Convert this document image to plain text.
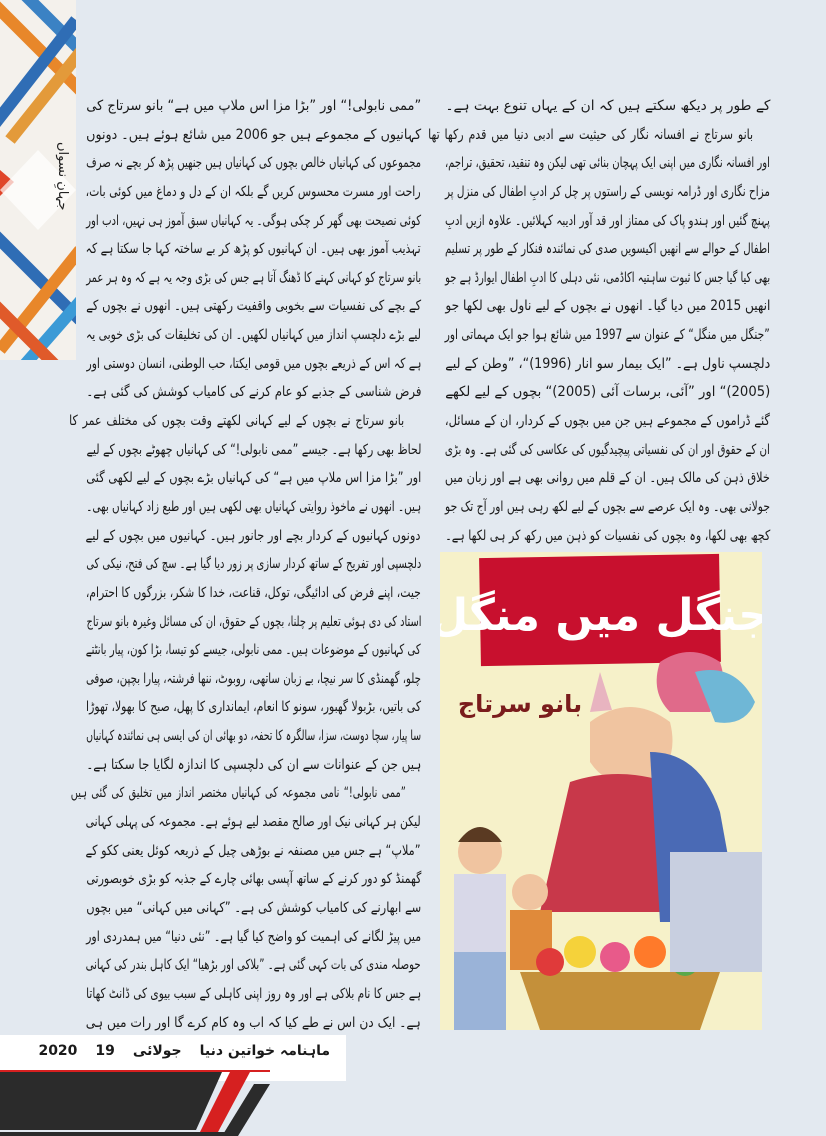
جہانِ نسواں
کے طور پر دیکھ سکتے ہیں کہ ان کے یہاں تنوع بہت ہے۔
بانو سرتاج نے افسانہ نگار کی حیثیت سے ادبی دنیا میں قدم رکھا تھا
اور افسانہ نگاری میں اپنی ایک پہچان بنائی تھی لیکن وہ تنقید، تحقیق، تراجم،
مزاح نگاری اور ڈرامہ نویسی کے راستوں پر چل کر ادبِ اطفال کی منزل پر
پہنچ گئیں اور ہندو پاک کی ممتاز اور قد آور ادیبہ کہلائیں۔ علاوہ ازیں ادبِ
اطفال کے حوالے سے انھیں اکیسویں صدی کی نمائندہ فنکار کے طور پر تسلیم
بھی کیا گیا جس کا ثبوت ساہتیہ اکاڈمی، نئی دہلی کا ادبِ اطفال ایوارڈ ہے جو
انھیں 2015 میں دیا گیا۔ انھوں نے بچوں کے لیے ناول بھی لکھا جو
”جنگل میں منگل“ کے عنوان سے 1997 میں شائع ہوا جو ایک مہماتی اور
دلچسپ ناول ہے۔ ”ایک بیمار سو انار (1996)“، ”وطن کے لیے
(2005)“ اور ”آئی، برسات آئی (2005)“ بچوں کے لیے لکھے
گئے ڈراموں کے مجموعے ہیں جن میں بچوں کے کردار، ان کے مسائل،
ان کے حقوق اور ان کی نفسیاتی پیچیدگیوں کی عکاسی کی گئی ہے۔ وہ بڑی
خلاق ذہن کی مالک ہیں۔ ان کے قلم میں روانی بھی ہے اور زبان میں
جولانی بھی۔ وہ ایک عرصے سے بچوں کے لیے لکھ رہی ہیں اور آج تک جو
کچھ بھی لکھا، وہ بچوں کی نفسیات کو ذہن میں رکھ کر ہی لکھا ہے۔
”ممی نابولی!“ اور ”بڑا مزا اس ملاپ میں ہے“ بانو سرتاج کی
کہانیوں کے مجموعے ہیں جو 2006 میں شائع ہوئے ہیں۔ دونوں
مجموعوں کی کہانیاں خالص بچوں کی کہانیاں ہیں جنھیں پڑھ کر بچے نہ صرف
راحت اور مسرت محسوس کریں گے بلکہ ان کے دل و دماغ میں کوئی بات،
کوئی نصیحت بھی گھر کر چکی ہوگی۔ یہ کہانیاں سبق آموز ہی نہیں، ادب اور
تہذیب آموز بھی ہیں۔ ان کہانیوں کو پڑھ کر بے ساختہ کہا جا سکتا ہے کہ
بانو سرتاج کو کہانی کہنے کا ڈھنگ آتا ہے جس کی بڑی وجہ یہ ہے کہ وہ ہر عمر
کے بچے کی نفسیات سے بخوبی واقفیت رکھتی ہیں۔ انھوں نے بچوں کے
لیے بڑے دلچسپ انداز میں کہانیاں لکھیں۔ ان کی تخلیقات کی بڑی خوبی یہ
ہے کہ اس کے ذریعے بچوں میں قومی ایکتا، حب الوطنی، انسان دوستی اور
فرض شناسی کے جذبے کو عام کرنے کی کامیاب کوشش کی گئی ہے۔
بانو سرتاج نے بچوں کے لیے کہانی لکھتے وقت بچوں کی مختلف عمر کا
لحاظ بھی رکھا ہے۔ جیسے ”ممی نابولی!“ کی کہانیاں چھوٹے بچوں کے لیے
اور ”بڑا مزا اس ملاپ میں ہے“ کی کہانیاں بڑے بچوں کے لیے لکھی گئی
ہیں۔ انھوں نے ماخوذ روایتی کہانیاں بھی لکھی ہیں اور طبع زاد کہانیاں بھی۔
دونوں کہانیوں کے کردار بچے اور جانور ہیں۔ کہانیوں میں بچوں کے لیے
دلچسپی اور تفریح کے ساتھ کردار سازی پر زور دیا گیا ہے۔ سچ کی فتح، نیکی کی
جیت، اپنے فرض کی ادائیگی، توکل، قناعت، خدا کا شکر، بزرگوں کا احترام،
استاد کی دی ہوئی تعلیم پر چلنا، بچوں کے حقوق، ان کی مسائل وغیرہ بانو سرتاج
کی کہانیوں کے موضوعات ہیں۔ ممی نابولی، جیسے کو تیسا، بڑا کون، پیار بانٹتے
چلو، گھمنڈی کا سر نیچا، بے زبان ساتھی، روبوٹ، ننھا فرشتہ، پیارا بچپن، صوفی
کی باتیں، بڑبولا گھبور، سونو کا انعام، ایمانداری کا پھل، صبح کا بھولا، تھوڑا
سا پیار، سچا دوست، سزا، سالگرہ کا تحفہ، دو بھائی ان کی ایسی ہی نمائندہ کہانیاں
ہیں جن کے عنوانات سے ان کی دلچسپی کا اندازہ لگایا جا سکتا ہے۔
”ممی نابولی!“ نامی مجموعہ کی کہانیاں مختصر انداز میں تخلیق کی گئی ہیں
لیکن ہر کہانی نیک اور صالح مقصد لیے ہوئے ہے۔ مجموعہ کی پہلی کہانی
”ملاپ“ ہے جس میں مصنفہ نے بوڑھی چیل کے ذریعہ کوئل یعنی ککو کے
گھمنڈ کو دور کرنے کے ساتھ آپسی بھائی چارے کے جذبہ کو بڑی خوبصورتی
سے ابھارنے کی کامیاب کوشش کی ہے۔ ”کہانی میں کہانی“ میں بچوں
میں پیڑ لگانے کی اہمیت کو واضح کیا گیا ہے۔ ”نئی دنیا“ میں ہمدردی اور
حوصلہ مندی کی بات کہی گئی ہے۔ ”بلاکی اور بڑھیا“ ایک کاہل بندر کی کہانی
ہے جس کا نام بلاکی ہے اور وہ روز اپنی کاہلی کے سبب بیوی کی ڈانٹ کھاتا
ہے۔ ایک دن اس نے طے کیا کہ اب وہ کام کرے گا اور رات میں ہی
جنگل میں منگل
بانو سرتاج
ماہنامہ خواتین دنیاجولائی2020 19
